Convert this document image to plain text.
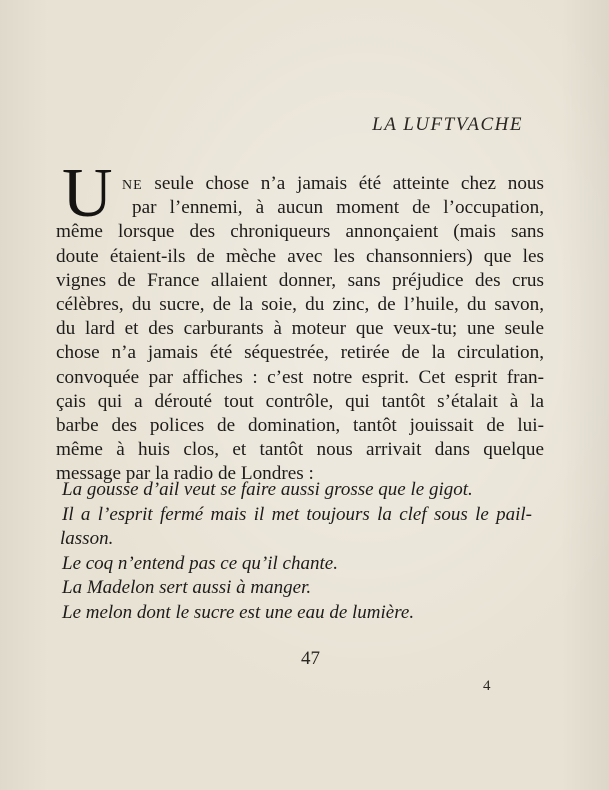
LA LUFTVACHE
U NE seule chose n’a jamais été atteinte chez nous
par l’ennemi, à aucun moment de l’occupation,
même lorsque des chroniqueurs annonçaient (mais sans
doute étaient-ils de mèche avec les chansonniers) que les
vignes de France allaient donner, sans préjudice des crus
célèbres, du sucre, de la soie, du zinc, de l’huile, du savon,
du lard et des carburants à moteur que veux-tu; une seule
chose n’a jamais été séquestrée, retirée de la circulation,
convoquée par affiches : c’est notre esprit. Cet esprit fran-
çais qui a dérouté tout contrôle, qui tantôt s’étalait à la
barbe des polices de domination, tantôt jouissait de lui-
même à huis clos, et tantôt nous arrivait dans quelque
message par la radio de Londres :
La gousse d’ail veut se faire aussi grosse que le gigot.
Il a l’esprit fermé mais il met toujours la clef sous le pail-
lasson.
Le coq n’entend pas ce qu’il chante.
La Madelon sert aussi à manger.
Le melon dont le sucre est une eau de lumière.
47
4
